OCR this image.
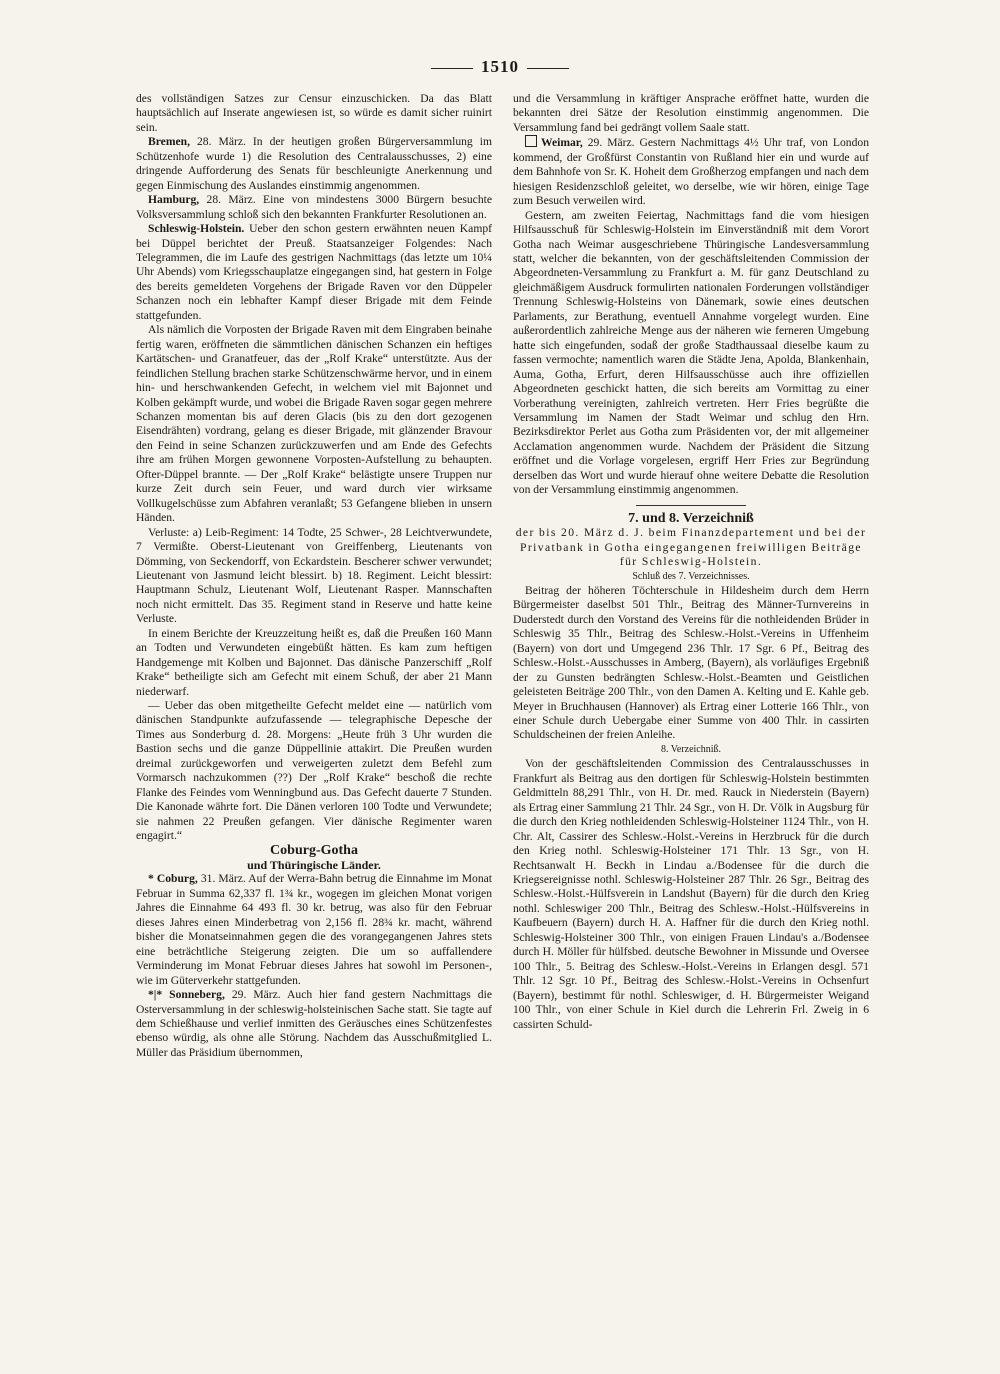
1510

des vollständigen Satzes zur Censur einzuschicken. Da das Blatt hauptsächlich auf Inserate angewiesen ist, so würde es damit sicher ruinirt sein.

Bremen, 28. März. In der heutigen großen Bürgerversammlung im Schützenhofe wurde 1) die Resolution des Centralausschusses, 2) eine dringende Aufforderung des Senats für beschleunigte Anerkennung und gegen Einmischung des Auslandes einstimmig angenommen.

Hamburg, 28. März. Eine von mindestens 3000 Bürgern besuchte Volksversammlung schloß sich den bekannten Frankfurter Resolutionen an.

Schleswig-Holstein. Ueber den schon gestern erwähnten neuen Kampf bei Düppel berichtet der Preuß. Staatsanzeiger Folgendes: Nach Telegrammen, die im Laufe des gestrigen Nachmittags (das letzte um 10¼ Uhr Abends) vom Kriegsschauplatze eingegangen sind, hat gestern in Folge des bereits gemeldeten Vorgehens der Brigade Raven vor den Düppeler Schanzen noch ein lebhafter Kampf dieser Brigade mit dem Feinde stattgefunden.

Als nämlich die Vorposten der Brigade Raven mit dem Eingraben beinahe fertig waren, eröffneten die sämmtlichen dänischen Schanzen ein heftiges Kartätschen- und Granatfeuer, das der „Rolf Krake“ unterstützte. Aus der feindlichen Stellung brachen starke Schützenschwärme hervor, und in einem hin- und herschwankenden Gefecht, in welchem viel mit Bajonnet und Kolben gekämpft wurde, und wobei die Brigade Raven sogar gegen mehrere Schanzen momentan bis auf deren Glacis (bis zu den dort gezogenen Eisendrähten) vordrang, gelang es dieser Brigade, mit glänzender Bravour den Feind in seine Schanzen zurückzuwerfen und am Ende des Gefechts ihre am frühen Morgen gewonnene Vorposten-Aufstellung zu behaupten. Ofter-Düppel brannte. — Der „Rolf Krake“ belästigte unsere Truppen nur kurze Zeit durch sein Feuer, und ward durch vier wirksame Vollkugelschüsse zum Abfahren veranlaßt; 53 Gefangene blieben in unsern Händen.

Verluste: a) Leib-Regiment: 14 Todte, 25 Schwer-, 28 Leichtverwundete, 7 Vermißte. Oberst-Lieutenant von Greiffenberg, Lieutenants von Dömming, von Seckendorff, von Eckardstein. Bescherer schwer verwundet; Lieutenant von Jasmund leicht blessirt. b) 18. Regiment. Leicht blessirt: Hauptmann Schulz, Lieutenant Wolf, Lieutenant Rasper. Mannschaften noch nicht ermittelt. Das 35. Regiment stand in Reserve und hatte keine Verluste.

In einem Berichte der Kreuzzeitung heißt es, daß die Preußen 160 Mann an Todten und Verwundeten eingebüßt hätten. Es kam zum heftigen Handgemenge mit Kolben und Bajonnet. Das dänische Panzerschiff „Rolf Krake“ betheiligte sich am Gefecht mit einem Schuß, der aber 21 Mann niederwarf.

— Ueber das oben mitgetheilte Gefecht meldet eine — natürlich vom dänischen Standpunkte aufzufassende — telegraphische Depesche der Times aus Sonderburg d. 28. Morgens: „Heute früh 3 Uhr wurden die Bastion sechs und die ganze Düppellinie attakirt. Die Preußen wurden dreimal zurückgeworfen und verweigerten zuletzt dem Befehl zum Vormarsch nachzukommen (??) Der „Rolf Krake“ beschoß die rechte Flanke des Feindes vom Wenningbund aus. Das Gefecht dauerte 7 Stunden. Die Kanonade währte fort. Die Dänen verloren 100 Todte und Verwundete; sie nahmen 22 Preußen gefangen. Vier dänische Regimenter waren engagirt.“

Coburg-Gotha

und Thüringische Länder.

* Coburg, 31. März. Auf der Werra-Bahn betrug die Einnahme im Monat Februar in Summa 62,337 fl. 1¾ kr., wogegen im gleichen Monat vorigen Jahres die Einnahme 64 493 fl. 30 kr. betrug, was also für den Februar dieses Jahres einen Minderbetrag von 2,156 fl. 28¾ kr. macht, während bisher die Monatseinnahmen gegen die des vorangegangenen Jahres stets eine beträchtliche Steigerung zeigten. Die um so auffallendere Verminderung im Monat Februar dieses Jahres hat sowohl im Personen-, wie im Güterverkehr stattgefunden.

*|* Sonneberg, 29. März. Auch hier fand gestern Nachmittags die Osterversammlung in der schleswig-holsteinischen Sache statt. Sie tagte auf dem Schießhause und verlief inmitten des Geräusches eines Schützenfestes ebenso würdig, als ohne alle Störung. Nachdem das Ausschußmitglied L. Müller das Präsidium übernommen,

und die Versammlung in kräftiger Ansprache eröffnet hatte, wurden die bekannten drei Sätze der Resolution einstimmig angenommen. Die Versammlung fand bei gedrängt vollem Saale statt.

Weimar, 29. März. Gestern Nachmittags 4½ Uhr traf, von London kommend, der Großfürst Constantin von Rußland hier ein und wurde auf dem Bahnhofe von Sr. K. Hoheit dem Großherzog empfangen und nach dem hiesigen Residenzschloß geleitet, wo derselbe, wie wir hören, einige Tage zum Besuch verweilen wird.

Gestern, am zweiten Feiertag, Nachmittags fand die vom hiesigen Hilfsausschuß für Schleswig-Holstein im Einverständniß mit dem Vorort Gotha nach Weimar ausgeschriebene Thüringische Landesversammlung statt, welcher die bekannten, von der geschäftsleitenden Commission der Abgeordneten-Versammlung zu Frankfurt a. M. für ganz Deutschland zu gleichmäßigem Ausdruck formulirten nationalen Forderungen vollständiger Trennung Schleswig-Holsteins von Dänemark, sowie eines deutschen Parlaments, zur Berathung, eventuell Annahme vorgelegt wurden. Eine außerordentlich zahlreiche Menge aus der näheren wie ferneren Umgebung hatte sich eingefunden, sodaß der große Stadthaussaal dieselbe kaum zu fassen vermochte; namentlich waren die Städte Jena, Apolda, Blankenhain, Auma, Gotha, Erfurt, deren Hilfsausschüsse auch ihre offiziellen Abgeordneten geschickt hatten, die sich bereits am Vormittag zu einer Vorberathung vereinigten, zahlreich vertreten. Herr Fries begrüßte die Versammlung im Namen der Stadt Weimar und schlug den Hrn. Bezirksdirektor Perlet aus Gotha zum Präsidenten vor, der mit allgemeiner Acclamation angenommen wurde. Nachdem der Präsident die Sitzung eröffnet und die Vorlage vorgelesen, ergriff Herr Fries zur Begründung derselben das Wort und wurde hierauf ohne weitere Debatte die Resolution von der Versammlung einstimmig angenommen.

7. und 8. Verzeichniß

der bis 20. März d. J. beim Finanzdepartement und bei der Privatbank in Gotha eingegangenen freiwilligen Beiträge für Schleswig-Holstein.

Schluß des 7. Verzeichnisses.

Beitrag der höheren Töchterschule in Hildesheim durch dem Herrn Bürgermeister daselbst 501 Thlr., Beitrag des Männer-Turnvereins in Duderstedt durch den Vorstand des Vereins für die nothleidenden Brüder in Schleswig 35 Thlr., Beitrag des Schlesw.-Holst.-Vereins in Uffenheim (Bayern) von dort und Umgegend 236 Thlr. 17 Sgr. 6 Pf., Beitrag des Schlesw.-Holst.-Ausschusses in Amberg, (Bayern), als vorläufiges Ergebniß der zu Gunsten bedrängten Schlesw.-Holst.-Beamten und Geistlichen geleisteten Beiträge 200 Thlr., von den Damen A. Kelting und E. Kahle geb. Meyer in Bruchhausen (Hannover) als Ertrag einer Lotterie 166 Thlr., von einer Schule durch Uebergabe einer Summe von 400 Thlr. in cassirten Schuldscheinen der freien Anleihe.

8. Verzeichniß.

Von der geschäftsleitenden Commission des Centralausschusses in Frankfurt als Beitrag aus den dortigen für Schleswig-Holstein bestimmten Geldmitteln 88,291 Thlr., von H. Dr. med. Rauck in Niederstein (Bayern) als Ertrag einer Sammlung 21 Thlr. 24 Sgr., von H. Dr. Völk in Augsburg für die durch den Krieg nothleidenden Schleswig-Holsteiner 1124 Thlr., von H. Chr. Alt, Cassirer des Schlesw.-Holst.-Vereins in Herzbruck für die durch den Krieg nothl. Schleswig-Holsteiner 171 Thlr. 13 Sgr., von H. Rechtsanwalt H. Beckh in Lindau a./Bodensee für die durch die Kriegsereignisse nothl. Schleswig-Holsteiner 287 Thlr. 26 Sgr., Beitrag des Schlesw.-Holst.-Hülfsverein in Landshut (Bayern) für die durch den Krieg nothl. Schleswiger 200 Thlr., Beitrag des Schlesw.-Holst.-Hülfsvereins in Kaufbeuern (Bayern) durch H. A. Haffner für die durch den Krieg nothl. Schleswig-Holsteiner 300 Thlr., von einigen Frauen Lindau's a./Bodensee durch H. Möller für hülfsbed. deutsche Bewohner in Missunde und Oversee 100 Thlr., 5. Beitrag des Schlesw.-Holst.-Vereins in Erlangen desgl. 571 Thlr. 12 Sgr. 10 Pf., Beitrag des Schlesw.-Holst.-Vereins in Ochsenfurt (Bayern), bestimmt für nothl. Schleswiger, d. H. Bürgermeister Weigand 100 Thlr., von einer Schule in Kiel durch die Lehrerin Frl. Zweig in 6 cassirten Schuld-
